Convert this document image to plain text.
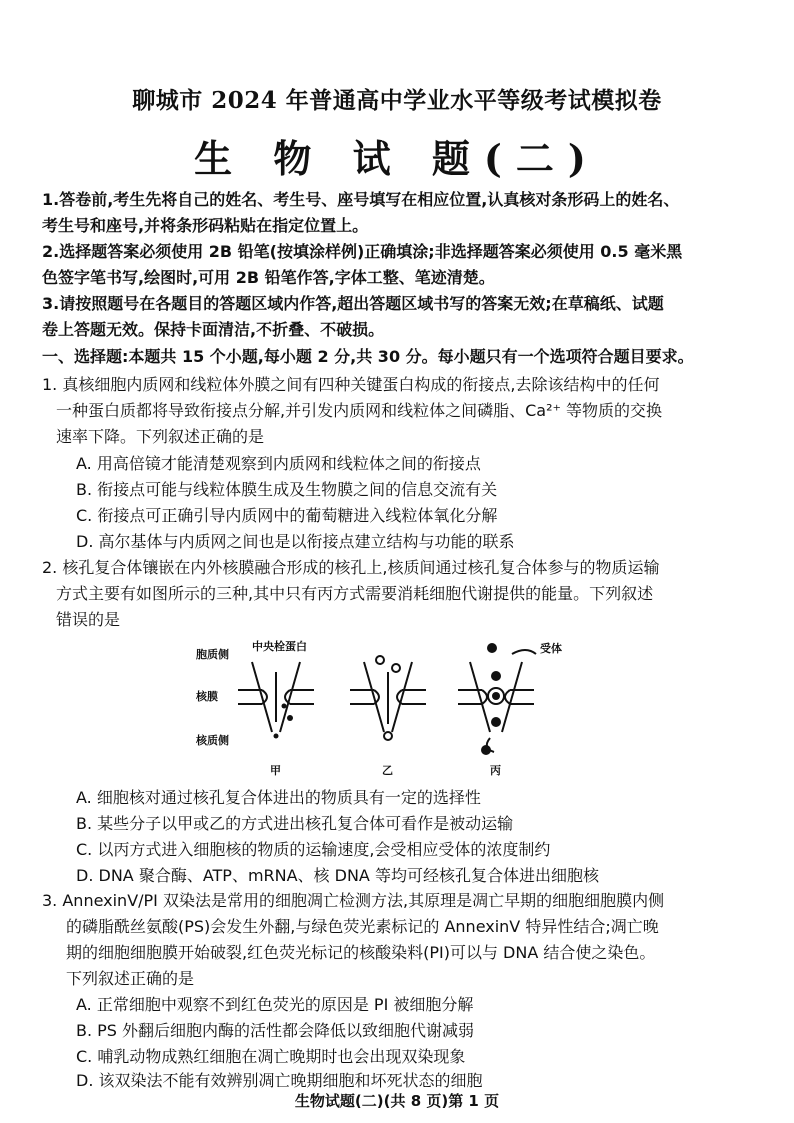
聊城市 2024 年普通高中学业水平等级考试模拟卷
生 物 试 题(二)
1.答卷前,考生先将自己的姓名、考生号、座号填写在相应位置,认真核对条形码上的姓名、
考生号和座号,并将条形码粘贴在指定位置上。
2.选择题答案必须使用 2B 铅笔(按填涂样例)正确填涂;非选择题答案必须使用 0.5 毫米黑
色签字笔书写,绘图时,可用 2B 铅笔作答,字体工整、笔迹清楚。
3.请按照题号在各题目的答题区域内作答,超出答题区域书写的答案无效;在草稿纸、试题
卷上答题无效。保持卡面清洁,不折叠、不破损。
一、选择题:本题共 15 个小题,每小题 2 分,共 30 分。每小题只有一个选项符合题目要求。
1. 真核细胞内质网和线粒体外膜之间有四种关键蛋白构成的衔接点,去除该结构中的任何
一种蛋白质都将导致衔接点分解,并引发内质网和线粒体之间磷脂、Ca²⁺ 等物质的交换
速率下降。下列叙述正确的是
A. 用高倍镜才能清楚观察到内质网和线粒体之间的衔接点
B. 衔接点可能与线粒体膜生成及生物膜之间的信息交流有关
C. 衔接点可正确引导内质网中的葡萄糖进入线粒体氧化分解
D. 高尔基体与内质网之间也是以衔接点建立结构与功能的联系
2. 核孔复合体镶嵌在内外核膜融合形成的核孔上,核质间通过核孔复合体参与的物质运输
方式主要有如图所示的三种,其中只有丙方式需要消耗细胞代谢提供的能量。下列叙述
错误的是
胞质侧
核膜
核质侧
中央栓蛋白	受体
甲	乙	丙
A. 细胞核对通过核孔复合体进出的物质具有一定的选择性
B. 某些分子以甲或乙的方式进出核孔复合体可看作是被动运输
C. 以丙方式进入细胞核的物质的运输速度,会受相应受体的浓度制约
D. DNA 聚合酶、ATP、mRNA、核 DNA 等均可经核孔复合体进出细胞核
3. AnnexinV/PI 双染法是常用的细胞凋亡检测方法,其原理是凋亡早期的细胞细胞膜内侧
的磷脂酰丝氨酸(PS)会发生外翻,与绿色荧光素标记的 AnnexinV 特异性结合;凋亡晚
期的细胞细胞膜开始破裂,红色荧光标记的核酸染料(PI)可以与 DNA 结合使之染色。
下列叙述正确的是
A. 正常细胞中观察不到红色荧光的原因是 PI 被细胞分解
B. PS 外翻后细胞内酶的活性都会降低以致细胞代谢减弱
C. 哺乳动物成熟红细胞在凋亡晚期时也会出现双染现象
D. 该双染法不能有效辨别凋亡晚期细胞和坏死状态的细胞
生物试题(二)(共 8 页)第 1 页
